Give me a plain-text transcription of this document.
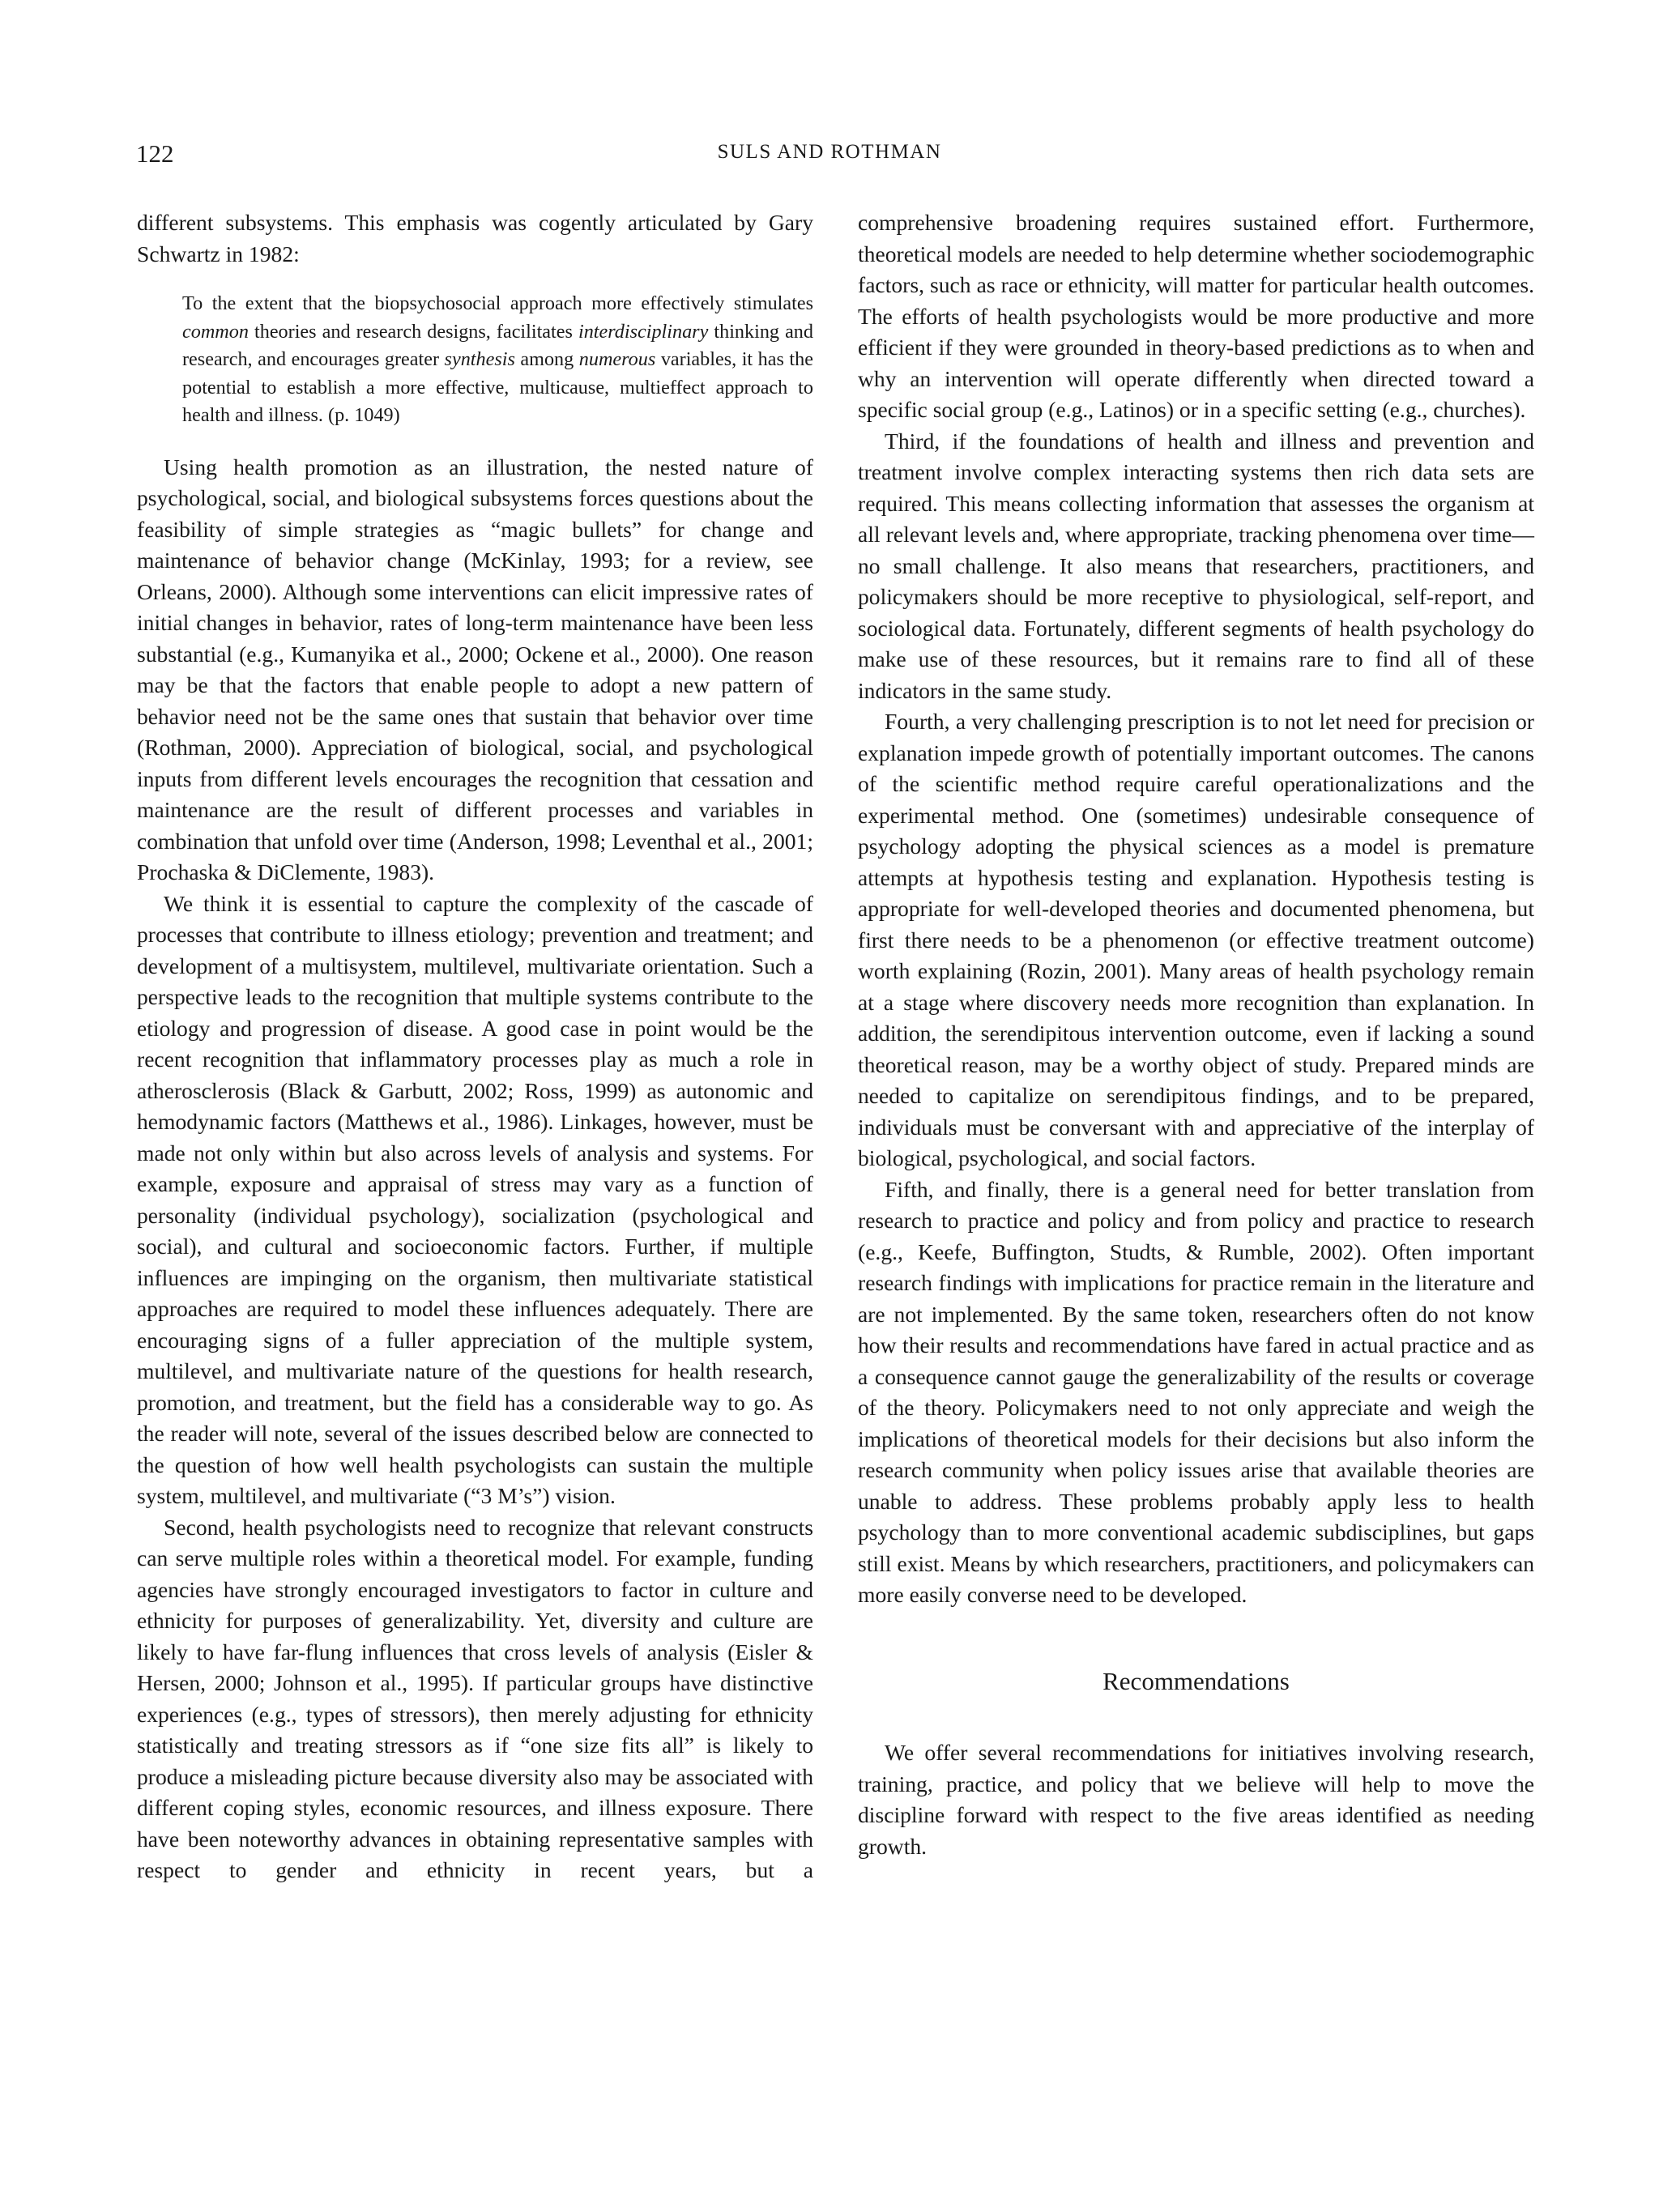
122	SULS AND ROTHMAN

different subsystems. This emphasis was cogently articulated by Gary Schwartz in 1982:

To the extent that the biopsychosocial approach more effectively stimulates common theories and research designs, facilitates interdisciplinary thinking and research, and encourages greater synthesis among numerous variables, it has the potential to establish a more effective, multicause, multieffect approach to health and illness. (p. 1049)

Using health promotion as an illustration, the nested nature of psychological, social, and biological subsystems forces questions about the feasibility of simple strategies as “magic bullets” for change and maintenance of behavior change (McKinlay, 1993; for a review, see Orleans, 2000). Although some interventions can elicit impressive rates of initial changes in behavior, rates of long-term maintenance have been less substantial (e.g., Kumanyika et al., 2000; Ockene et al., 2000). One reason may be that the factors that enable people to adopt a new pattern of behavior need not be the same ones that sustain that behavior over time (Rothman, 2000). Appreciation of biological, social, and psychological inputs from different levels encourages the recognition that cessation and maintenance are the result of different processes and variables in combination that unfold over time (Anderson, 1998; Leventhal et al., 2001; Prochaska & DiClemente, 1983).

We think it is essential to capture the complexity of the cascade of processes that contribute to illness etiology; prevention and treatment; and development of a multisystem, multilevel, multivariate orientation. Such a perspective leads to the recognition that multiple systems contribute to the etiology and progression of disease. A good case in point would be the recent recognition that inflammatory processes play as much a role in atherosclerosis (Black & Garbutt, 2002; Ross, 1999) as autonomic and hemodynamic factors (Matthews et al., 1986). Linkages, however, must be made not only within but also across levels of analysis and systems. For example, exposure and appraisal of stress may vary as a function of personality (individual psychology), socialization (psychological and social), and cultural and socioeconomic factors. Further, if multiple influences are impinging on the organism, then multivariate statistical approaches are required to model these influences adequately. There are encouraging signs of a fuller appreciation of the multiple system, multilevel, and multivariate nature of the questions for health research, promotion, and treatment, but the field has a considerable way to go. As the reader will note, several of the issues described below are connected to the question of how well health psychologists can sustain the multiple system, multilevel, and multivariate (“3 M’s”) vision.

Second, health psychologists need to recognize that relevant constructs can serve multiple roles within a theoretical model. For example, funding agencies have strongly encouraged investigators to factor in culture and ethnicity for purposes of generalizability. Yet, diversity and culture are likely to have far-flung influences that cross levels of analysis (Eisler & Hersen, 2000; Johnson et al., 1995). If particular groups have distinctive experiences (e.g., types of stressors), then merely adjusting for ethnicity statistically and treating stressors as if “one size fits all” is likely to produce a misleading picture because diversity also may be associated with different coping styles, economic resources, and illness exposure. There have been noteworthy advances in obtaining representative samples with respect to gender and ethnicity in recent years, but a

comprehensive broadening requires sustained effort. Furthermore, theoretical models are needed to help determine whether sociodemographic factors, such as race or ethnicity, will matter for particular health outcomes. The efforts of health psychologists would be more productive and more efficient if they were grounded in theory-based predictions as to when and why an intervention will operate differently when directed toward a specific social group (e.g., Latinos) or in a specific setting (e.g., churches).

Third, if the foundations of health and illness and prevention and treatment involve complex interacting systems then rich data sets are required. This means collecting information that assesses the organism at all relevant levels and, where appropriate, tracking phenomena over time—no small challenge. It also means that researchers, practitioners, and policymakers should be more receptive to physiological, self-report, and sociological data. Fortunately, different segments of health psychology do make use of these resources, but it remains rare to find all of these indicators in the same study.

Fourth, a very challenging prescription is to not let need for precision or explanation impede growth of potentially important outcomes. The canons of the scientific method require careful operationalizations and the experimental method. One (sometimes) undesirable consequence of psychology adopting the physical sciences as a model is premature attempts at hypothesis testing and explanation. Hypothesis testing is appropriate for well-developed theories and documented phenomena, but first there needs to be a phenomenon (or effective treatment outcome) worth explaining (Rozin, 2001). Many areas of health psychology remain at a stage where discovery needs more recognition than explanation. In addition, the serendipitous intervention outcome, even if lacking a sound theoretical reason, may be a worthy object of study. Prepared minds are needed to capitalize on serendipitous findings, and to be prepared, individuals must be conversant with and appreciative of the interplay of biological, psychological, and social factors.

Fifth, and finally, there is a general need for better translation from research to practice and policy and from policy and practice to research (e.g., Keefe, Buffington, Studts, & Rumble, 2002). Often important research findings with implications for practice remain in the literature and are not implemented. By the same token, researchers often do not know how their results and recommendations have fared in actual practice and as a consequence cannot gauge the generalizability of the results or coverage of the theory. Policymakers need to not only appreciate and weigh the implications of theoretical models for their decisions but also inform the research community when policy issues arise that available theories are unable to address. These problems probably apply less to health psychology than to more conventional academic subdisciplines, but gaps still exist. Means by which researchers, practitioners, and policymakers can more easily converse need to be developed.

Recommendations

We offer several recommendations for initiatives involving research, training, practice, and policy that we believe will help to move the discipline forward with respect to the five areas identified as needing growth.
